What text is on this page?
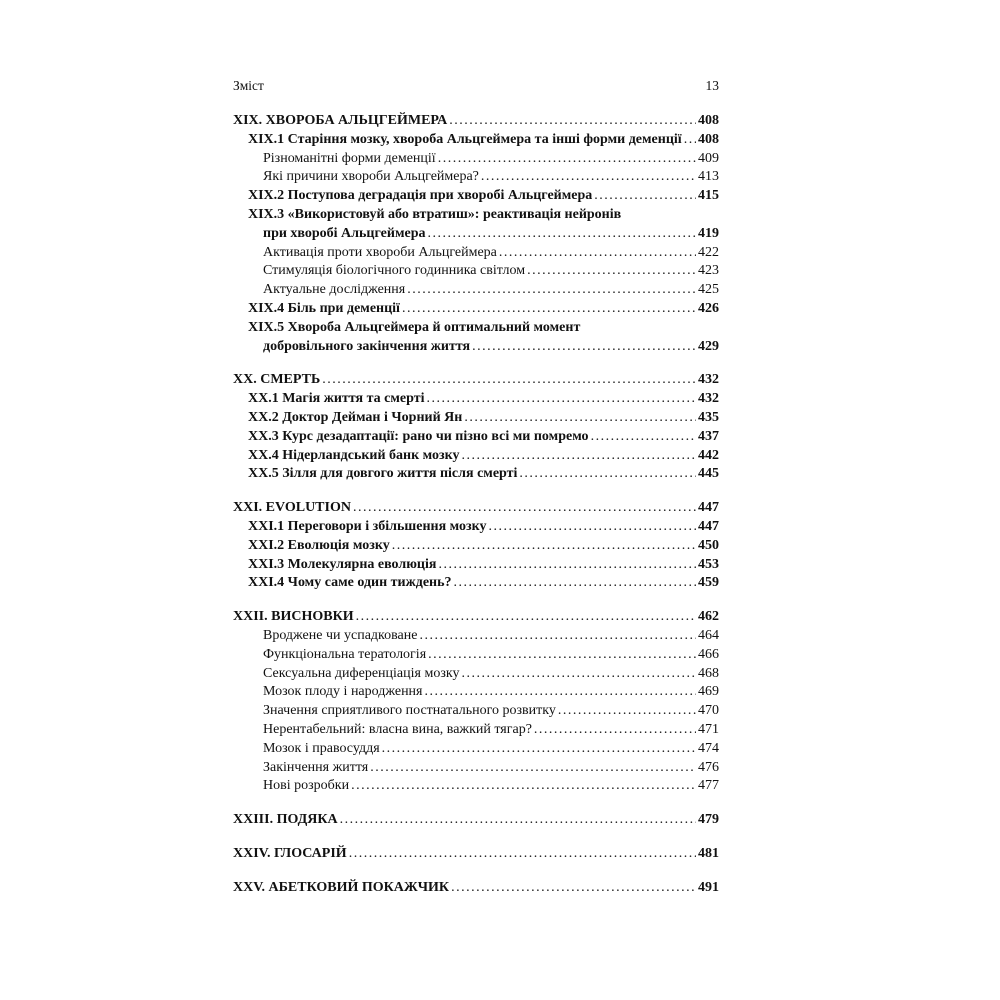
Зміст	13
XIX. ХВОРОБА АЛЬЦГЕЙМЕРА .....	408
XIX.1 Старіння мозку, хвороба Альцгеймера та інші форми деменції ..... 408
Різноманітні форми деменції .....	409
Які причини хвороби Альцгеймера? .....	413
XIX.2 Поступова деградація при хворобі Альцгеймера .....	415
XIX.3 «Використовуй або втратиш»: реактивація нейронів
при хворобі Альцгеймера .....	419
Активація проти хвороби Альцгеймера .....	422
Стимуляція біологічного годинника світлом .....	423
Актуальне дослідження .....	425
XIX.4 Біль при деменції .....	426
XIX.5 Хвороба Альцгеймера й оптимальний момент
добровільного закінчення життя .....	429
XX. СМЕРТЬ .....	432
XX.1 Магія життя та смерті .....	432
XX.2 Доктор Дейман і Чорний Ян .....	435
XX.3 Курс дезадаптації: рано чи пізно всі ми помремо .....	437
XX.4 Нідерландський банк мозку .....	442
XX.5 Зілля для довгого життя після смерті .....	445
XXI. EVOLUTION .....	447
XXI.1 Переговори і збільшення мозку .....	447
XXI.2 Еволюція мозку .....	450
XXI.3 Молекулярна еволюція .....	453
XXI.4 Чому саме один тиждень? .....	459
XXII. ВИСНОВКИ .....	462
Вроджене чи успадковане .....	464
Функціональна тератологія .....	466
Сексуальна диференціація мозку .....	468
Мозок плоду і народження .....	469
Значення сприятливого постнатального розвитку .....	470
Нерентабельний: власна вина, важкий тягар? .....	471
Мозок і правосуддя .....	474
Закінчення життя .....	476
Нові розробки .....	477
XXIII. ПОДЯКА .....	479
XXIV. ГЛОСАРІЙ .....	481
XXV. АБЕТКОВИЙ ПОКАЖЧИК .....	491
